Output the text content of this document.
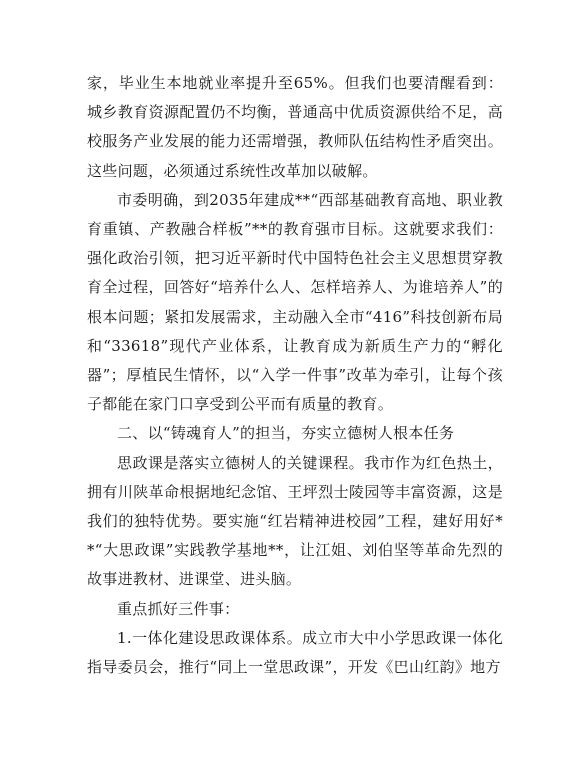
家，毕业生本地就业率提升至65%。但我们也要清醒看到：城乡教育资源配置仍不均衡，普通高中优质资源供给不足，高校服务产业发展的能力还需增强，教师队伍结构性矛盾突出。这些问题，必须通过系统性改革加以破解。

市委明确，到2035年建成**“西部基础教育高地、职业教育重镇、产教融合样板”**的教育强市目标。这就要求我们：强化政治引领，把习近平新时代中国特色社会主义思想贯穿教育全过程，回答好“培养什么人、怎样培养人、为谁培养人”的根本问题；紧扣发展需求，主动融入全市“416”科技创新布局和“33618”现代产业体系，让教育成为新质生产力的“孵化器”；厚植民生情怀，以“入学一件事”改革为牵引，让每个孩子都能在家门口享受到公平而有质量的教育。

二、以“铸魂育人”的担当，夯实立德树人根本任务

思政课是落实立德树人的关键课程。我市作为红色热土，拥有川陕革命根据地纪念馆、王坪烈士陵园等丰富资源，这是我们的独特优势。要实施“红岩精神进校园”工程，建好用好**“大思政课”实践教学基地**，让江姐、刘伯坚等革命先烈的故事进教材、进课堂、进头脑。

重点抓好三件事：

1.一体化建设思政课体系。成立市大中小学思政课一体化指导委员会，推行“同上一堂思政课”，开发《巴山红韵》地方
